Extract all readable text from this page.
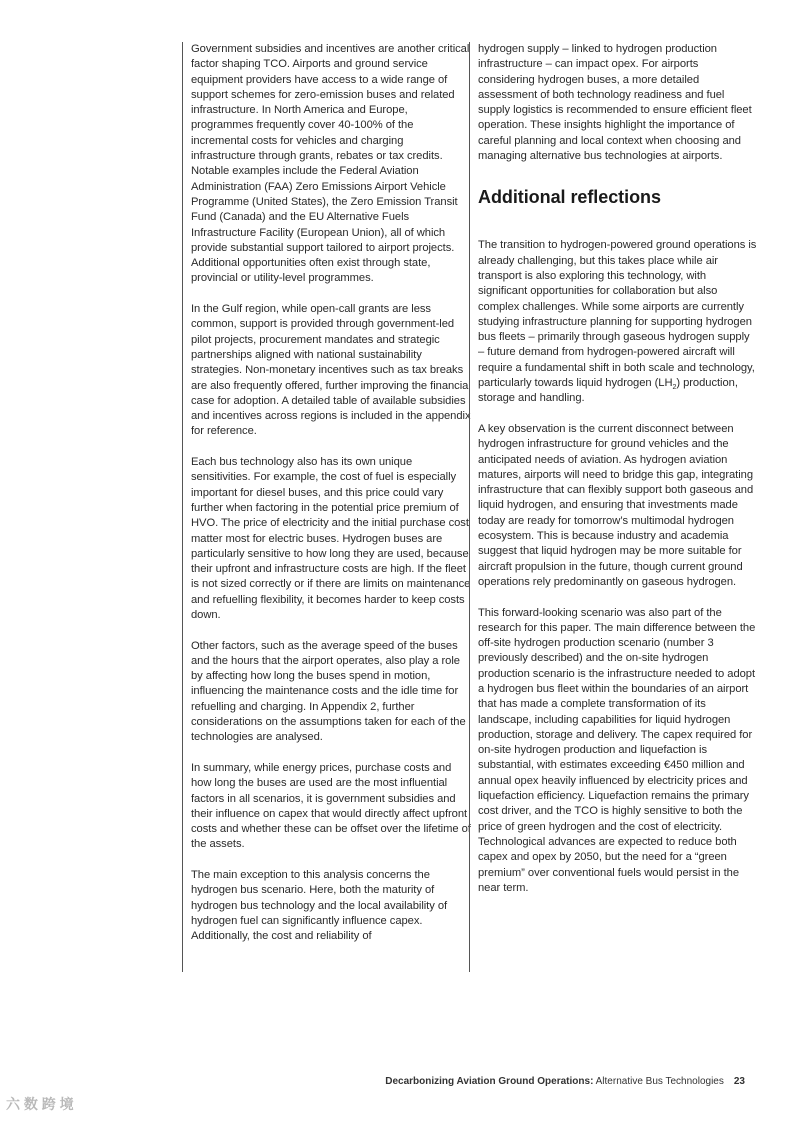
Government subsidies and incentives are another critical factor shaping TCO. Airports and ground service equipment providers have access to a wide range of support schemes for zero-emission buses and related infrastructure. In North America and Europe, programmes frequently cover 40-100% of the incremental costs for vehicles and charging infrastructure through grants, rebates or tax credits. Notable examples include the Federal Aviation Administration (FAA) Zero Emissions Airport Vehicle Programme (United States), the Zero Emission Transit Fund (Canada) and the EU Alternative Fuels Infrastructure Facility (European Union), all of which provide substantial support tailored to airport projects. Additional opportunities often exist through state, provincial or utility-level programmes.

In the Gulf region, while open-call grants are less common, support is provided through government-led pilot projects, procurement mandates and strategic partnerships aligned with national sustainability strategies. Non-monetary incentives such as tax breaks are also frequently offered, further improving the financial case for adoption. A detailed table of available subsidies and incentives across regions is included in the appendix for reference.

Each bus technology also has its own unique sensitivities. For example, the cost of fuel is especially important for diesel buses, and this price could vary further when factoring in the potential price premium of HVO. The price of electricity and the initial purchase cost matter most for electric buses. Hydrogen buses are particularly sensitive to how long they are used, because their upfront and infrastructure costs are high. If the fleet is not sized correctly or if there are limits on maintenance and refuelling flexibility, it becomes harder to keep costs down.

Other factors, such as the average speed of the buses and the hours that the airport operates, also play a role by affecting how long the buses spend in motion, influencing the maintenance costs and the idle time for refuelling and charging. In Appendix 2, further considerations on the assumptions taken for each of the technologies are analysed.

In summary, while energy prices, purchase costs and how long the buses are used are the most influential factors in all scenarios, it is government subsidies and their influence on capex that would directly affect upfront costs and whether these can be offset over the lifetime of the assets.

The main exception to this analysis concerns the hydrogen bus scenario. Here, both the maturity of hydrogen bus technology and the local availability of hydrogen fuel can significantly influence capex. Additionally, the cost and reliability of

hydrogen supply – linked to hydrogen production infrastructure – can impact opex. For airports considering hydrogen buses, a more detailed assessment of both technology readiness and fuel supply logistics is recommended to ensure efficient fleet operation. These insights highlight the importance of careful planning and local context when choosing and managing alternative bus technologies at airports.

Additional reflections

The transition to hydrogen-powered ground operations is already challenging, but this takes place while air transport is also exploring this technology, with significant opportunities for collaboration but also complex challenges. While some airports are currently studying infrastructure planning for supporting hydrogen bus fleets – primarily through gaseous hydrogen supply – future demand from hydrogen-powered aircraft will require a fundamental shift in both scale and technology, particularly towards liquid hydrogen $(LH_2)$ production, storage and handling.

A key observation is the current disconnect between hydrogen infrastructure for ground vehicles and the anticipated needs of aviation. As hydrogen aviation matures, airports will need to bridge this gap, integrating infrastructure that can flexibly support both gaseous and liquid hydrogen, and ensuring that investments made today are ready for tomorrow’s multimodal hydrogen ecosystem. This is because industry and academia suggest that liquid hydrogen may be more suitable for aircraft propulsion in the future, though current ground operations rely predominantly on gaseous hydrogen.

This forward-looking scenario was also part of the research for this paper. The main difference between the off-site hydrogen production scenario (number 3 previously described) and the on-site hydrogen production scenario is the infrastructure needed to adopt a hydrogen bus fleet within the boundaries of an airport that has made a complete transformation of its landscape, including capabilities for liquid hydrogen production, storage and delivery. The capex required for on-site hydrogen production and liquefaction is substantial, with estimates exceeding €450 million and annual opex heavily influenced by electricity prices and liquefaction efficiency. Liquefaction remains the primary cost driver, and the TCO is highly sensitive to both the price of green hydrogen and the cost of electricity. Technological advances are expected to reduce both capex and opex by 2050, but the need for a “green premium” over conventional fuels would persist in the near term.

Decarbonizing Aviation Ground Operations: Alternative Bus Technologies 23
六 数 跨 境
